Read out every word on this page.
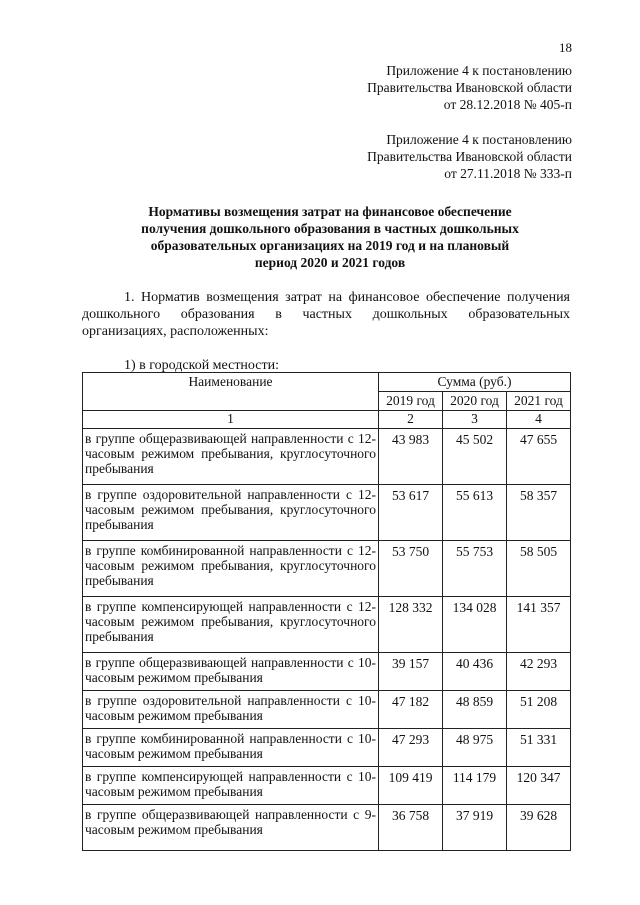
18
Приложение 4 к постановлению
Правительства Ивановской области
от 28.12.2018 № 405-п
Приложение 4 к постановлению
Правительства Ивановской области
от 27.11.2018 № 333-п
Нормативы возмещения затрат на финансовое обеспечение
получения дошкольного образования в частных дошкольных
образовательных организациях на 2019 год и на плановый
период 2020 и 2021 годов

1. Норматив возмещения затрат на финансовое обеспечение получения дошкольного образования в частных дошкольных образовательных организациях, расположенных:

1) в городской местности:
Наименование	Сумма (руб.)		
	2019 год	2020 год	2021 год
1	2	3	4
в группе общеразвивающей направленности с 12-часовым режимом пребывания, круглосуточного пребывания	43 983	45 502	47 655
в группе оздоровительной направленности с 12-часовым режимом пребывания, круглосуточного пребывания	53 617	55 613	58 357
в группе комбинированной направленности с 12-часовым режимом пребывания, круглосуточного пребывания	53 750	55 753	58 505
в группе компенсирующей направленности с 12-часовым режимом пребывания, круглосуточного пребывания	128 332	134 028	141 357
в группе общеразвивающей направленности с 10-часовым режимом пребывания	39 157	40 436	42 293
в группе оздоровительной направленности с 10-часовым режимом пребывания	47 182	48 859	51 208
в группе комбинированной направленности с 10-часовым режимом пребывания	47 293	48 975	51 331
в группе компенсирующей направленности с 10-часовым режимом пребывания	109 419	114 179	120 347
в группе общеразвивающей направленности с 9-часовым режимом пребывания	36 758	37 919	39 628
